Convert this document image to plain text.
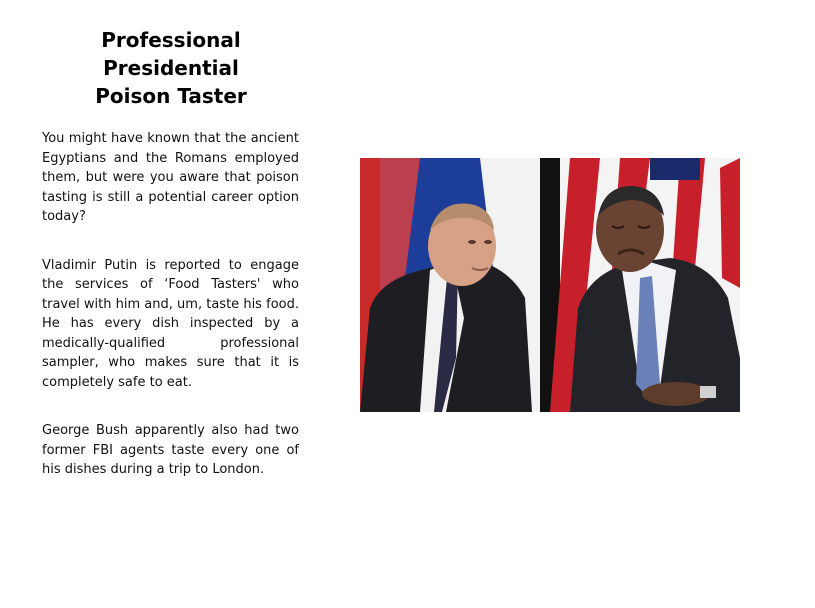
Professional Presidential
Poison Taster

You might have known that the ancient Egyptians and the Romans employed them, but were you aware that poison tasting is still a potential career option today?

Vladimir Putin is reported to engage the services of ‘Food Tasters' who travel with him and, um, taste his food. He has every dish inspected by a medically-qualified professional sampler, who makes sure that it is completely safe to eat.

George Bush apparently also had two former FBI agents taste every one of his dishes during a trip to London.
